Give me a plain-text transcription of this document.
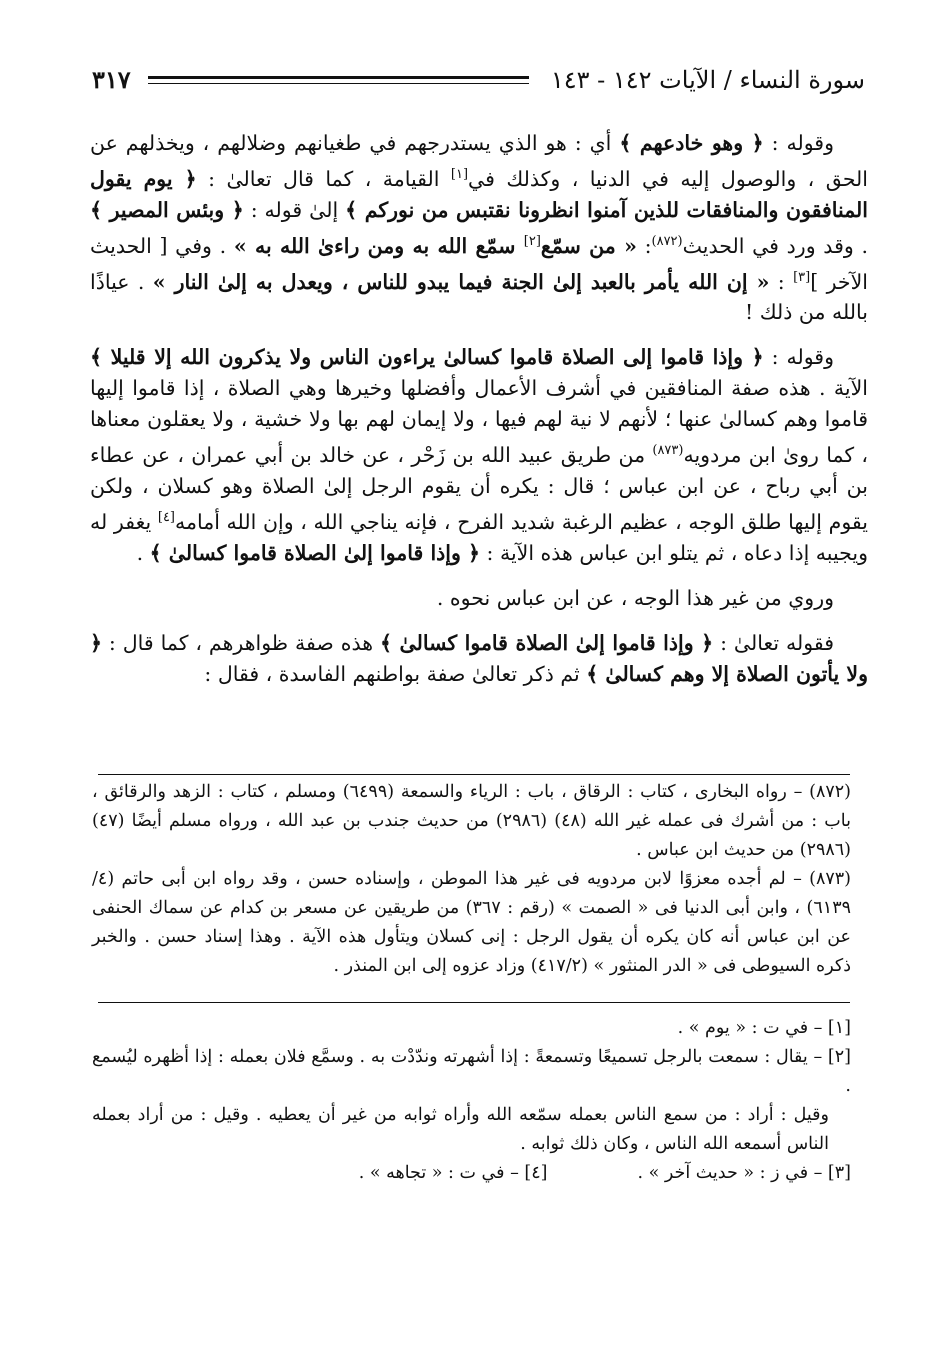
سورة النساء / الآيات ١٤٢ - ١٤٣
٣١٧

وقوله : ﴿ وهو خادعهم ﴾ أي : هو الذي يستدرجهم في طغيانهم وضلالهم ، ويخذلهم عن الحق ، والوصول إليه في الدنيا ، وكذلك في[١] القيامة ، كما قال تعالىٰ : ﴿ يوم يقول المنافقون والمنافقات للذين آمنوا انظرونا نقتبس من نوركم ﴾ إلىٰ قوله : ﴿ وبئس المصير ﴾ . وقد ورد في الحديث$^{(٨٧٢)}$: « من سمّع[٢] سمّع الله به ومن راءىٰ الله به » . وفي [ الحديث الآخر ][٣] : « إن الله يأمر بالعبد إلىٰ الجنة فيما يبدو للناس ، ويعدل به إلىٰ النار » . عياذًا بالله من ذلك !

وقوله : ﴿ وإذا قاموا إلى الصلاة قاموا كسالىٰ يراءون الناس ولا يذكرون الله إلا قليلا ﴾ الآية . هذه صفة المنافقين في أشرف الأعمال وأفضلها وخيرها وهي الصلاة ، إذا قاموا إليها قاموا وهم كسالىٰ عنها ؛ لأنهم لا نية لهم فيها ، ولا إيمان لهم بها ولا خشية ، ولا يعقلون معناها ، كما روىٰ ابن مردويه$^{(٨٧٣)}$ من طريق عبيد الله بن زَحْر ، عن خالد بن أبي عمران ، عن عطاء بن أبي رباح ، عن ابن عباس ؛ قال : يكره أن يقوم الرجل إلىٰ الصلاة وهو كسلان ، ولكن يقوم إليها طلق الوجه ، عظيم الرغبة شديد الفرح ، فإنه يناجي الله ، وإن الله أمامه[٤] يغفر له ويجيبه إذا دعاه ، ثم يتلو ابن عباس هذه الآية : ﴿ وإذا قاموا إلىٰ الصلاة قاموا كسالىٰ ﴾ .

وروي من غير هذا الوجه ، عن ابن عباس نحوه .

فقوله تعالىٰ : ﴿ وإذا قاموا إلىٰ الصلاة قاموا كسالىٰ ﴾ هذه صفة ظواهرهم ، كما قال : ﴿ ولا يأتون الصلاة إلا وهم كسالىٰ ﴾ ثم ذكر تعالىٰ صفة بواطنهم الفاسدة ، فقال :

(٨٧٢) – رواه البخارى ، كتاب : الرقاق ، باب : الرياء والسمعة (٦٤٩٩) ومسلم ، كتاب : الزهد والرقائق ، باب : من أشرك فى عمله غير الله (٤٨) (٢٩٨٦) من حديث جندب بن عبد الله ، ورواه مسلم أيضًا (٤٧) (٢٩٨٦) من حديث ابن عباس .

(٨٧٣) – لم أجده معزوًا لابن مردويه فى غير هذا الموطن ، وإسناده حسن ، وقد رواه ابن أبى حاتم (٤/ ٦١٣٩) ، وابن أبى الدنيا فى « الصمت » (رقم : ٣٦٧) من طريقين عن مسعر بن كدام عن سماك الحنفى عن ابن عباس أنه كان يكره أن يقول الرجل : إنى كسلان ويتأول هذه الآية . وهذا إسناد حسن . والخبر ذكره السيوطى فى « الدر المنثور » (٤١٧/٢) وزاد عزوه إلى ابن المنذر .

[١] – في ت : « يوم » .

[٢] – يقال : سمعت بالرجل تسميعًا وتسمعةً : إذا أشهرته وندّدْت به . وسمَّع فلان بعمله : إذا أظهره ليُسمع .

وقيل : أراد : من سمع الناس بعمله سمّعه الله وأراه ثوابه من غير أن يعطيه . وقيل : من أراد بعمله الناس أسمعه الله الناس ، وكان ذلك ثوابه .

[٣] – في ز : « حديث آخر » .
[٤] – في ت : « تجاهه » .
